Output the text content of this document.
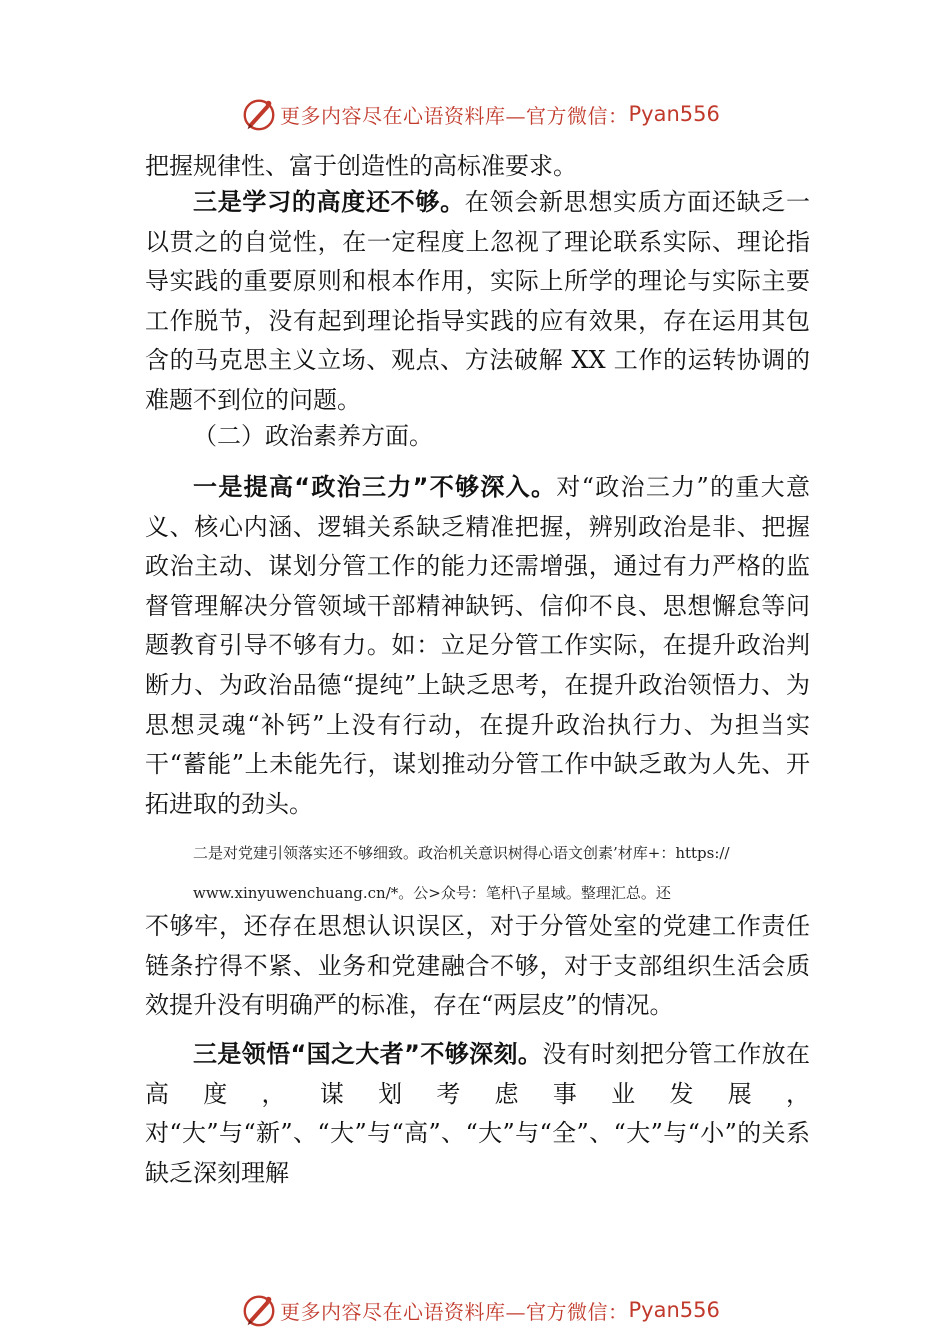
更多内容尽在心语资料库—官方微信： Pyan556

把握规律性、富于创造性的高标准要求。

三是学习的高度还不够。在领会新思想实质方面还缺乏一以贯之的自觉性，在一定程度上忽视了理论联系实际、理论指导实践的重要原则和根本作用，实际上所学的理论与实际主要工作脱节，没有起到理论指导实践的应有效果，存在运用其包含的马克思主义立场、观点、方法破解 XX 工作的运转协调的难题不到位的问题。

（二）政治素养方面。

一是提高“政治三力”不够深入。对“政治三力”的重大意义、核心内涵、逻辑关系缺乏精准把握，辨别政治是非、把握政治主动、谋划分管工作的能力还需增强，通过有力严格的监督管理解决分管领域干部精神缺钙、信仰不良、思想懈怠等问题教育引导不够有力。如：立足分管工作实际，在提升政治判断力、为政治品德“提纯”上缺乏思考，在提升政治领悟力、为思想灵魂“补钙”上没有行动，在提升政治执行力、为担当实干“蓄能”上未能先行，谋划推动分管工作中缺乏敢为人先、开拓进取的劲头。

二是对党建引领落实还不够细致。政治机关意识树得心语文创素’材库+：https://
www.xinyuwenchuang.cn/*。公>众号：笔杆\子星域。整理汇总。还

不够牢，还存在思想认识误区，对于分管处室的党建工作责任链条拧得不紧、业务和党建融合不够，对于支部组织生活会质效提升没有明确严的标准，存在“两层皮”的情况。

三是领悟“国之大者”不够深刻。没有时刻把分管工作放在高度，谋划考虑事业发展，对“大”与“新”、“大”与“高”、“大”与“全”、“大”与“小”的关系缺乏深刻理解

更多内容尽在心语资料库—官方微信： Pyan556
